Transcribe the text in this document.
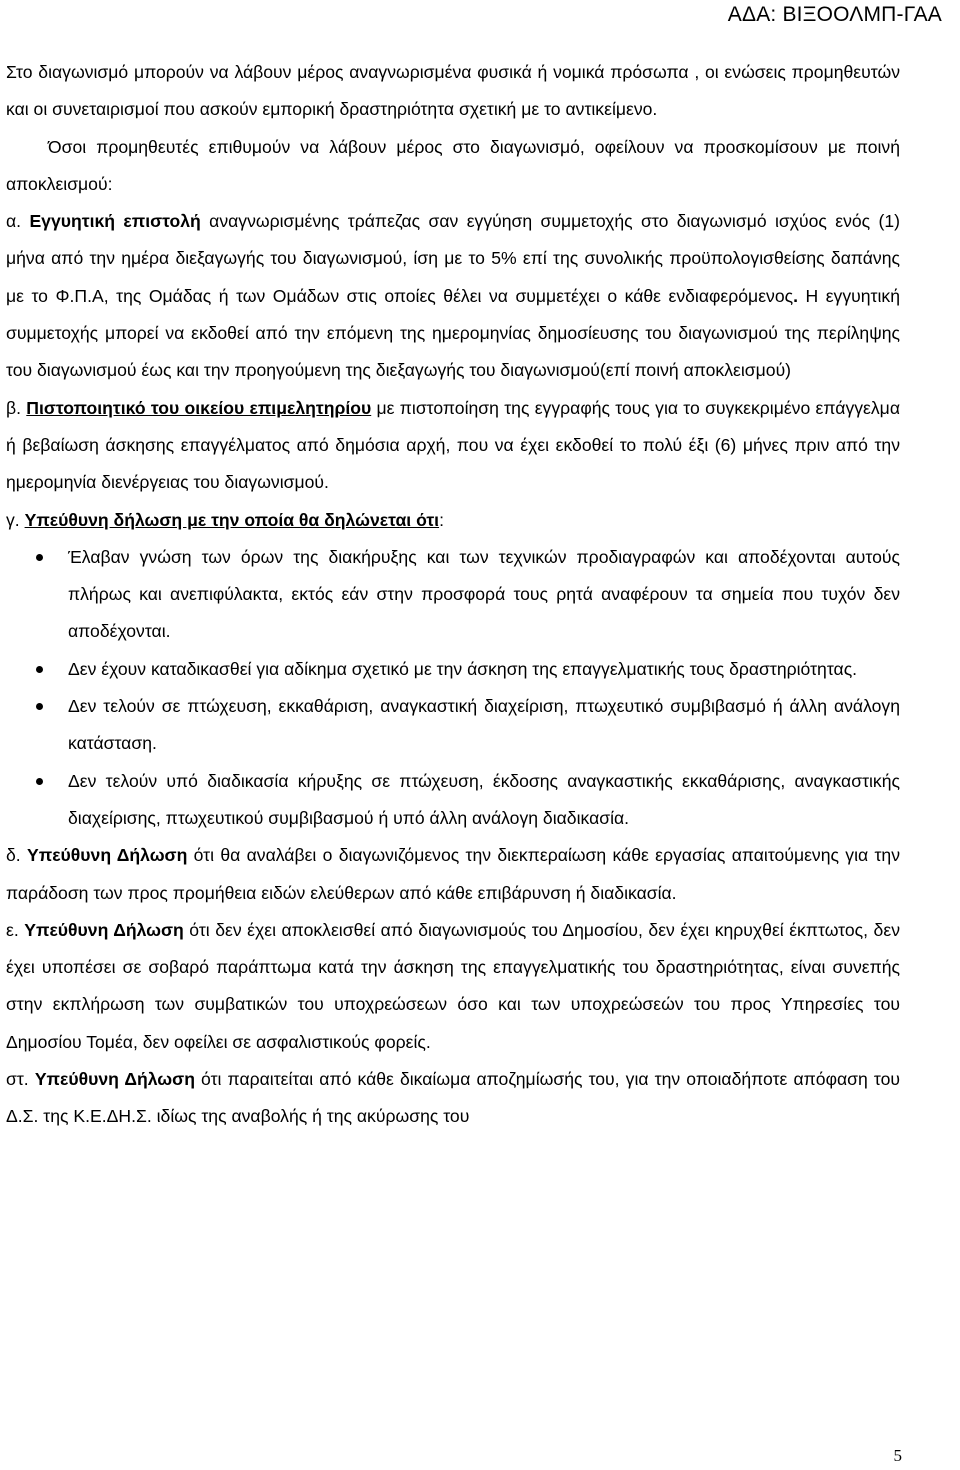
ΑΔΑ: ΒΙΞΟΟΛΜΠ-ΓΑΑ

Στο διαγωνισμό μπορούν να λάβουν μέρος αναγνωρισμένα φυσικά ή νομικά πρόσωπα , οι ενώσεις προμηθευτών και οι συνεταιρισμοί που ασκούν εμπορική δραστηριότητα σχετική με το αντικείμενο.

Όσοι προμηθευτές επιθυμούν να λάβουν μέρος στο διαγωνισμό, οφείλουν να προσκομίσουν με ποινή αποκλεισμού:

α. Εγγυητική επιστολή αναγνωρισμένης τράπεζας σαν εγγύηση συμμετοχής στο διαγωνισμό ισχύος ενός (1) μήνα από την ημέρα διεξαγωγής του διαγωνισμού, ίση με το 5% επί της συνολικής προϋπολογισθείσης δαπάνης με το Φ.Π.Α, της Ομάδας ή των Ομάδων στις οποίες θέλει να συμμετέχει ο κάθε ενδιαφερόμενος. Η εγγυητική συμμετοχής μπορεί να εκδοθεί από την επόμενη της ημερομηνίας δημοσίευσης του διαγωνισμού της περίληψης του διαγωνισμού έως και την προηγούμενη της διεξαγωγής του διαγωνισμού(επί ποινή αποκλεισμού)

β. Πιστοποιητικό του οικείου επιμελητηρίου με πιστοποίηση της εγγραφής τους για το συγκεκριμένο επάγγελμα ή βεβαίωση άσκησης επαγγέλματος από δημόσια αρχή, που να έχει εκδοθεί το πολύ έξι (6) μήνες πριν από την ημερομηνία διενέργειας του διαγωνισμού.

γ. Υπεύθυνη δήλωση με την οποία θα δηλώνεται ότι:

Έλαβαν γνώση των όρων της διακήρυξης και των τεχνικών προδιαγραφών και αποδέχονται αυτούς πλήρως και ανεπιφύλακτα, εκτός εάν στην προσφορά τους ρητά αναφέρουν τα σημεία που τυχόν δεν αποδέχονται.
Δεν έχουν καταδικασθεί για αδίκημα σχετικό με την άσκηση της επαγγελματικής τους δραστηριότητας.
Δεν τελούν σε πτώχευση, εκκαθάριση, αναγκαστική διαχείριση, πτωχευτικό συμβιβασμό ή άλλη ανάλογη κατάσταση.
Δεν τελούν υπό διαδικασία κήρυξης σε πτώχευση, έκδοσης αναγκαστικής εκκαθάρισης, αναγκαστικής διαχείρισης, πτωχευτικού συμβιβασμού ή υπό άλλη ανάλογη διαδικασία.

δ. Υπεύθυνη Δήλωση ότι θα αναλάβει ο διαγωνιζόμενος την διεκπεραίωση κάθε εργασίας απαιτούμενης για την παράδοση των προς προμήθεια ειδών ελεύθερων από κάθε επιβάρυνση ή διαδικασία.

ε. Υπεύθυνη Δήλωση ότι δεν έχει αποκλεισθεί από διαγωνισμούς του Δημοσίου, δεν έχει κηρυχθεί έκπτωτος, δεν έχει υποπέσει σε σοβαρό παράπτωμα κατά την άσκηση της επαγγελματικής του δραστηριότητας, είναι συνεπής στην εκπλήρωση των συμβατικών του υποχρεώσεων όσο και των υποχρεώσεών του προς Υπηρεσίες του Δημοσίου Τομέα, δεν οφείλει σε ασφαλιστικούς φορείς.

στ. Υπεύθυνη Δήλωση ότι παραιτείται από κάθε δικαίωμα αποζημίωσής του, για την οποιαδήποτε απόφαση του Δ.Σ. της Κ.Ε.ΔΗ.Σ. ιδίως της αναβολής ή της ακύρωσης του

5
